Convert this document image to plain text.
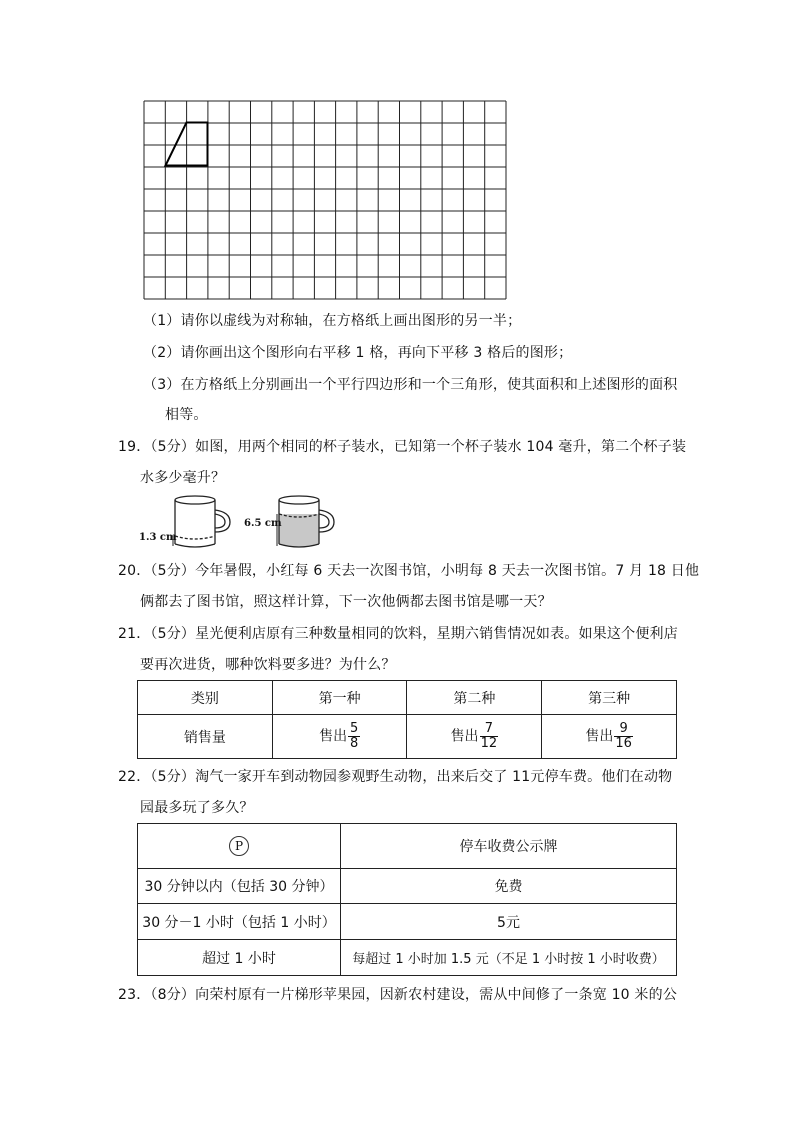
（1）请你以虚线为对称轴，在方格纸上画出图形的另一半；
（2）请你画出这个图形向右平移 1 格，再向下平移 3 格后的图形；
（3）在方格纸上分别画出一个平行四边形和一个三角形，使其面积和上述图形的面积
相等。
19．（5分）如图，用两个相同的杯子装水，已知第一个杯子装水 104 毫升，第二个杯子装
水多少毫升？
1.3 cm
6.5 cm
20．（5分）今年暑假，小红每 6 天去一次图书馆，小明每 8 天去一次图书馆。7 月 18 日他
俩都去了图书馆，照这样计算，下一次他俩都去图书馆是哪一天？
21．（5分）星光便利店原有三种数量相同的饮料，星期六销售情况如表。如果这个便利店
要再次进货，哪种饮料要多进？为什么？
类别	第一种	第二种	第三种
销售量	售出 $\frac{5}{8}$	售出 $\frac{7}{12}$	售出 $\frac{9}{16}$
22．（5分）淘气一家开车到动物园参观野生动物，出来后交了 11元停车费。他们在动物
园最多玩了多久？
P	停车收费公示牌
30 分钟以内（包括 30 分钟）	免费
30 分－1 小时（包括 1 小时）	5元
超过 1 小时	每超过 1 小时加 1.5 元（不足 1 小时按 1 小时收费）
23．（8分）向荣村原有一片梯形苹果园，因新农村建设，需从中间修了一条宽 10 米的公
